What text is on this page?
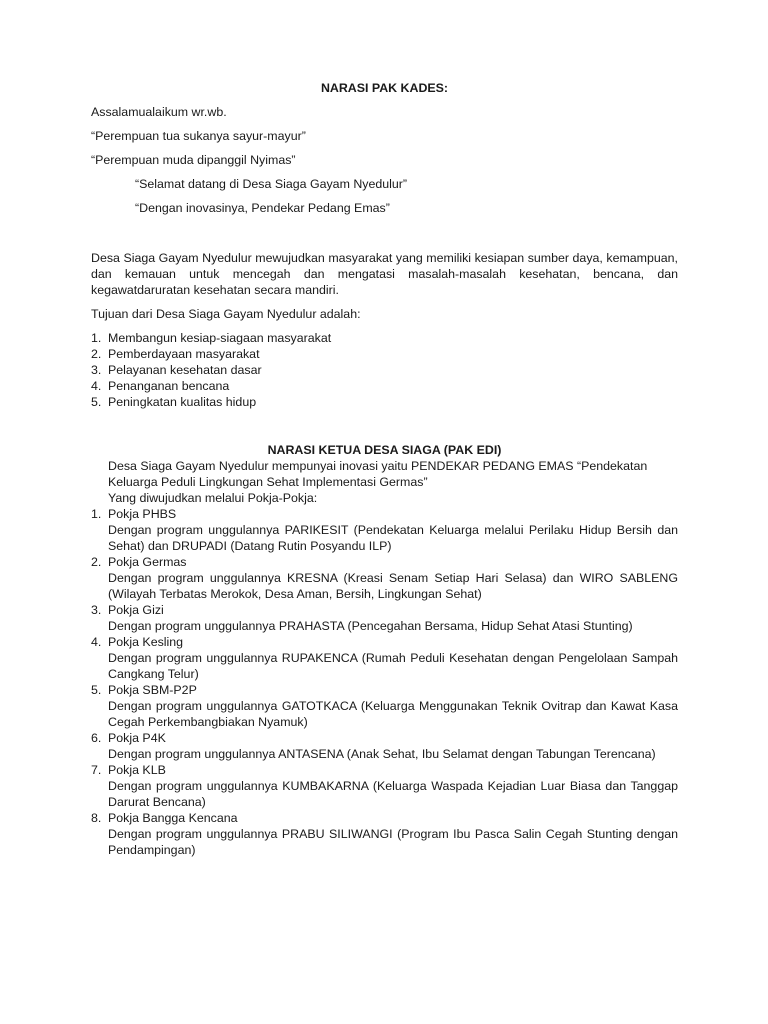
NARASI PAK KADES:

Assalamualaikum wr.wb.

“Perempuan tua sukanya sayur-mayur”

“Perempuan muda dipanggil Nyimas”

“Selamat datang di Desa Siaga Gayam Nyedulur”

“Dengan inovasinya, Pendekar Pedang Emas”

Desa Siaga Gayam Nyedulur mewujudkan masyarakat yang memiliki kesiapan sumber daya, kemampuan, dan kemauan untuk mencegah dan mengatasi masalah-masalah kesehatan, bencana, dan kegawatdaruratan kesehatan secara mandiri.

Tujuan dari Desa Siaga Gayam Nyedulur adalah:

1. Membangun kesiap-siagaan masyarakat
2. Pemberdayaan masyarakat
3. Pelayanan kesehatan dasar
4. Penanganan bencana
5. Peningkatan kualitas hidup

NARASI KETUA DESA SIAGA (PAK EDI)

Desa Siaga Gayam Nyedulur mempunyai inovasi yaitu PENDEKAR PEDANG EMAS “Pendekatan Keluarga Peduli Lingkungan Sehat Implementasi Germas”

Yang diwujudkan melalui Pokja-Pokja:

1. Pokja PHBS
Dengan program unggulannya PARIKESIT (Pendekatan Keluarga melalui Perilaku Hidup Bersih dan Sehat) dan DRUPADI (Datang Rutin Posyandu ILP)
2. Pokja Germas
Dengan program unggulannya KRESNA (Kreasi Senam Setiap Hari Selasa) dan WIRO SABLENG (Wilayah Terbatas Merokok, Desa Aman, Bersih, Lingkungan Sehat)
3. Pokja Gizi
Dengan program unggulannya PRAHASTA (Pencegahan Bersama, Hidup Sehat Atasi Stunting)
4. Pokja Kesling
Dengan program unggulannya RUPAKENCA (Rumah Peduli Kesehatan dengan Pengelolaan Sampah Cangkang Telur)
5. Pokja SBM-P2P
Dengan program unggulannya GATOTKACA (Keluarga Menggunakan Teknik Ovitrap dan Kawat Kasa Cegah Perkembangbiakan Nyamuk)
6. Pokja P4K
Dengan program unggulannya ANTASENA (Anak Sehat, Ibu Selamat dengan Tabungan Terencana)
7. Pokja KLB
Dengan program unggulannya KUMBAKARNA (Keluarga Waspada Kejadian Luar Biasa dan Tanggap Darurat Bencana)
8. Pokja Bangga Kencana
Dengan program unggulannya PRABU SILIWANGI (Program Ibu Pasca Salin Cegah Stunting dengan Pendampingan)
